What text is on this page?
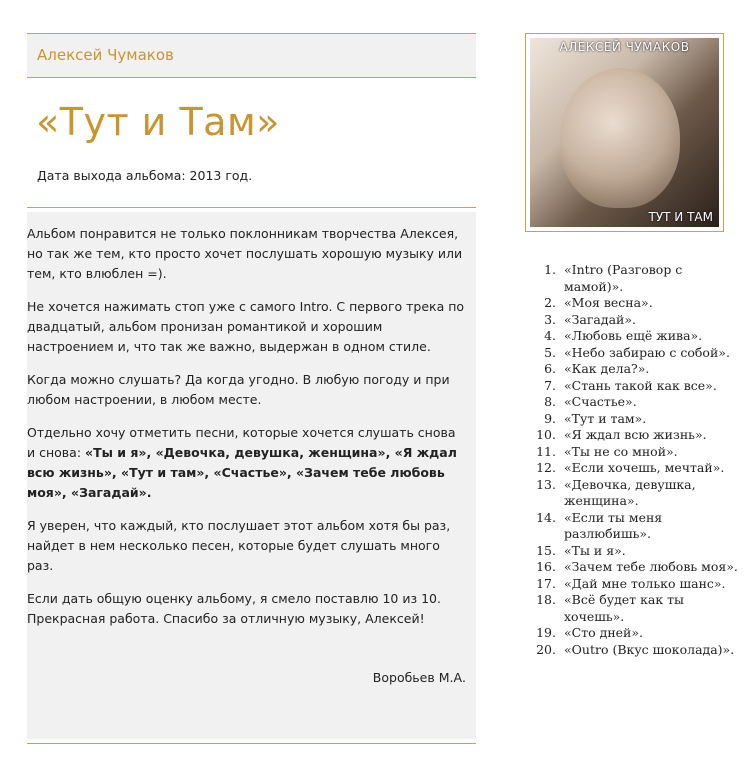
Алексей Чумаков
«Тут и Там»
Дата выхода альбома: 2013 год.

Альбом понравится не только поклонникам творчества Алексея, но так же тем, кто просто хочет послушать хорошую музыку или тем, кто влюблен =).

Не хочется нажимать стоп уже с самого Intro. С первого трека по двадцатый, альбом пронизан романтикой и хорошим настроением и, что так же важно, выдержан в одном стиле.

Когда можно слушать? Да когда угодно. В любую погоду и при любом настроении, в любом месте.

Отдельно хочу отметить песни, которые хочется слушать снова и снова: «Ты и я», «Девочка, девушка, женщина», «Я ждал всю жизнь», «Тут и там», «Счастье», «Зачем тебе любовь моя», «Загадай».

Я уверен, что каждый, кто послушает этот альбом хотя бы раз, найдет в нем несколько песен, которые будет слушать много раз.

Если дать общую оценку альбому, я смело поставлю 10 из 10. Прекрасная работа. Спасибо за отличную музыку, Алексей!

Воробьев М.А.
АЛЕКСЕЙ ЧУМАКОВ
ТУТ И ТАМ
1. «Intro (Разговор с мамой)».
2. «Моя весна».
3. «Загадай».
4. «Любовь ещё жива».
5. «Небо забираю с собой».
6. «Как дела?».
7. «Стань такой как все».
8. «Счастье».
9. «Тут и там».
10. «Я ждал всю жизнь».
11. «Ты не со мной».
12. «Если хочешь, мечтай».
13. «Девочка, девушка, женщина».
14. «Если ты меня разлюбишь».
15. «Ты и я».
16. «Зачем тебе любовь моя».
17. «Дай мне только шанс».
18. «Всё будет как ты хочешь».
19. «Сто дней».
20. «Outro (Вкус шоколада)».
